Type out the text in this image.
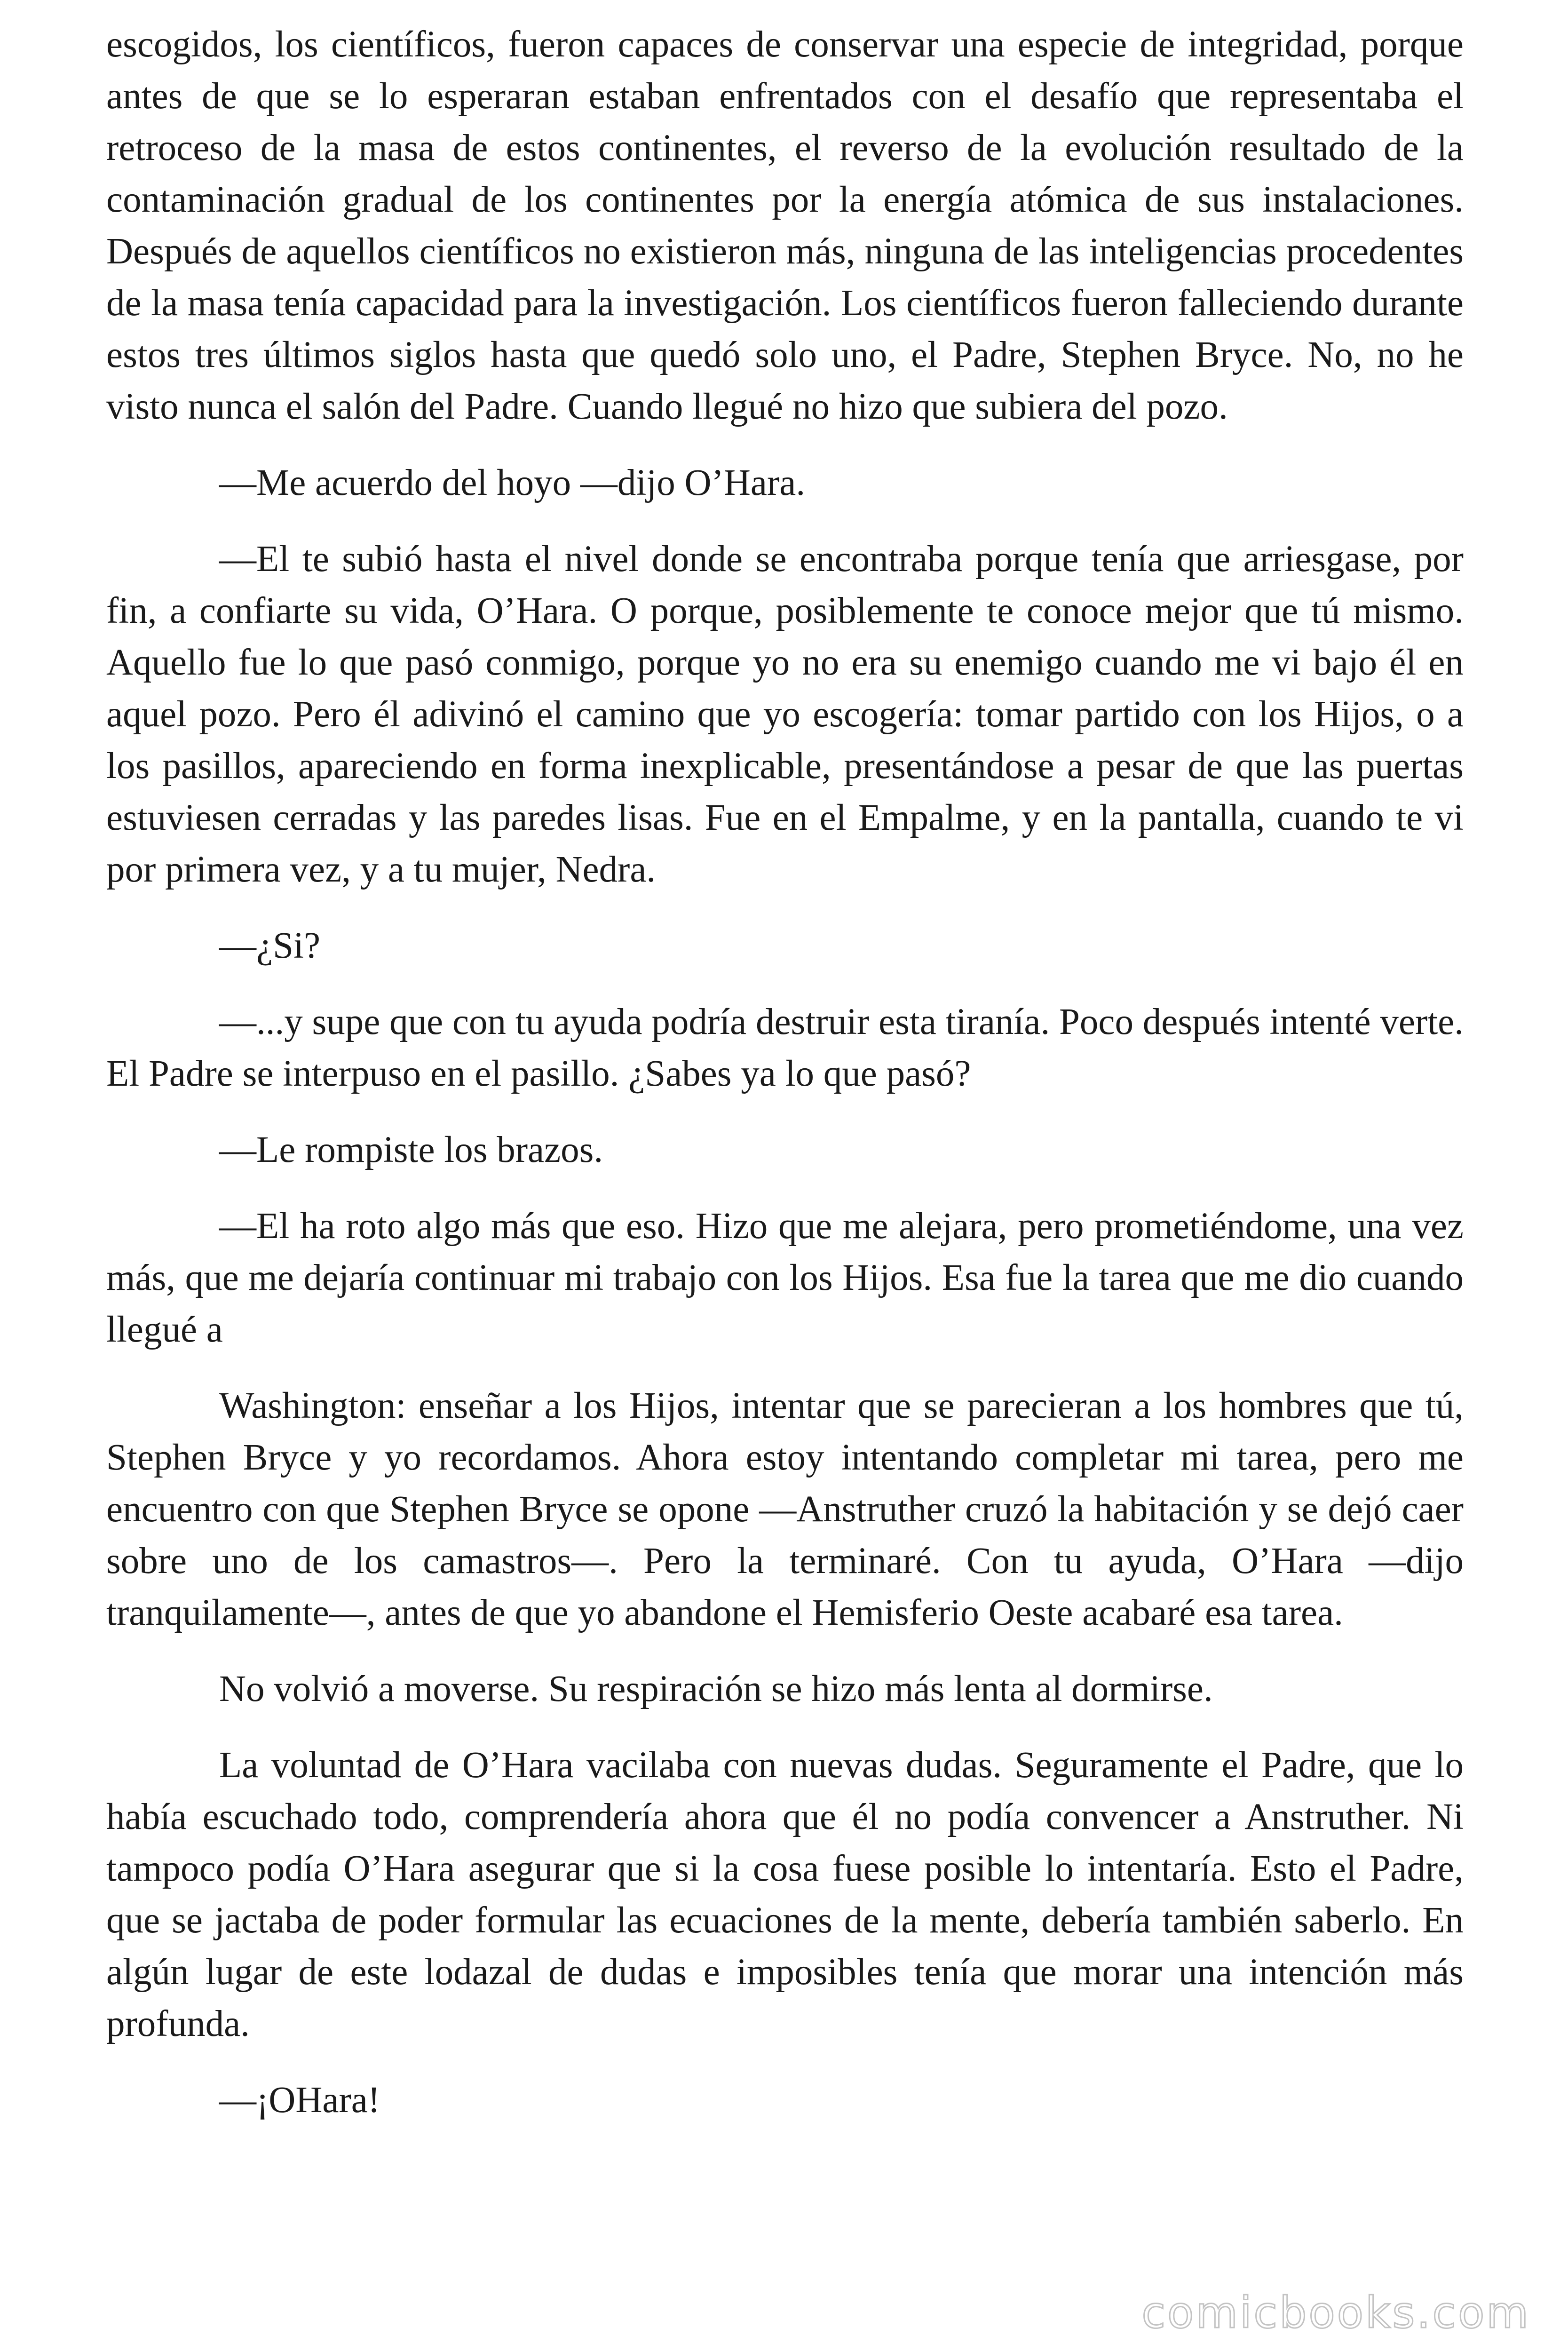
escogidos, los científicos, fueron capaces de conservar una especie de integridad, porque antes de que se lo esperaran estaban enfrentados con el desafío que representaba el retroceso de la masa de estos continentes, el reverso de la evolución resultado de la contaminación gradual de los continentes por la energía atómica de sus instalaciones. Después de aquellos científicos no existieron más, ninguna de las inteligencias procedentes de la masa tenía capacidad para la investigación. Los científicos fueron falleciendo durante estos tres últimos siglos hasta que quedó solo uno, el Padre, Stephen Bryce. No, no he visto nunca el salón del Padre. Cuando llegué no hizo que subiera del pozo.

—Me acuerdo del hoyo —dijo O’Hara.

—El te subió hasta el nivel donde se encontraba porque tenía que arriesgase, por fin, a confiarte su vida, O’Hara. O porque, posiblemente te conoce mejor que tú mismo. Aquello fue lo que pasó conmigo, porque yo no era su enemigo cuando me vi bajo él en aquel pozo. Pero él adivinó el camino que yo escogería: tomar partido con los Hijos, o a los pasillos, apareciendo en forma inexplicable, presentándose a pesar de que las puertas estuviesen cerradas y las paredes lisas. Fue en el Empalme, y en la pantalla, cuando te vi por primera vez, y a tu mujer, Nedra.

—¿Si?

—...y supe que con tu ayuda podría destruir esta tiranía. Poco después intenté verte. El Padre se interpuso en el pasillo. ¿Sabes ya lo que pasó?

—Le rompiste los brazos.

—El ha roto algo más que eso. Hizo que me alejara, pero prometiéndome, una vez más, que me dejaría continuar mi trabajo con los Hijos. Esa fue la tarea que me dio cuando llegué a

Washington: enseñar a los Hijos, intentar que se parecieran a los hombres que tú, Stephen Bryce y yo recordamos. Ahora estoy intentando completar mi tarea, pero me encuentro con que Stephen Bryce se opone —Anstruther cruzó la habitación y se dejó caer sobre uno de los camastros—. Pero la terminaré. Con tu ayuda, O’Hara —dijo tranquilamente—, antes de que yo abandone el Hemisferio Oeste acabaré esa tarea.

No volvió a moverse. Su respiración se hizo más lenta al dormirse.

La voluntad de O’Hara vacilaba con nuevas dudas. Seguramente el Padre, que lo había escuchado todo, comprendería ahora que él no podía convencer a Anstruther. Ni tampoco podía O’Hara asegurar que si la cosa fuese posible lo intentaría. Esto el Padre, que se jactaba de poder formular las ecuaciones de la mente, debería también saberlo. En algún lugar de este lodazal de dudas e imposibles tenía que morar una intención más profunda.

—¡OHara!

comicbooks.com
